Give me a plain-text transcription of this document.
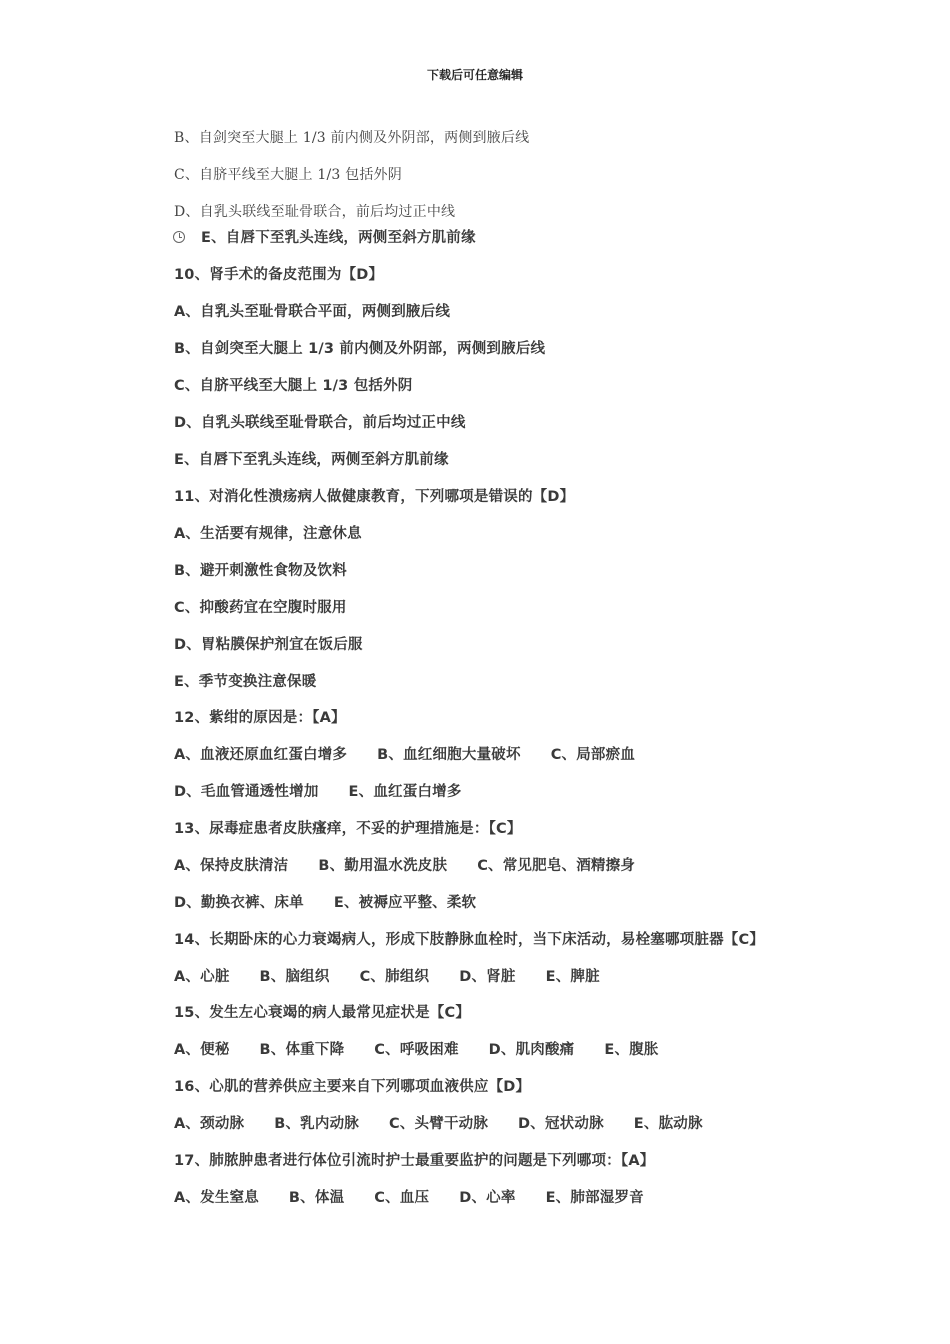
下载后可任意编辑
B、自剑突至大腿上 1/3 前内侧及外阴部，两侧到腋后线
C、自脐平线至大腿上 1/3 包括外阴
D、自乳头联线至耻骨联合，前后均过正中线
E、自唇下至乳头连线，两侧至斜方肌前缘
10、肾手术的备皮范围为【D】
A、自乳头至耻骨联合平面，两侧到腋后线
B、自剑突至大腿上 1/3 前内侧及外阴部，两侧到腋后线
C、自脐平线至大腿上 1/3 包括外阴
D、自乳头联线至耻骨联合，前后均过正中线
E、自唇下至乳头连线，两侧至斜方肌前缘
11、对消化性溃疡病人做健康教育，下列哪项是错误的【D】
A、生活要有规律，注意休息
B、避开刺激性食物及饮料
C、抑酸药宜在空腹时服用
D、胃粘膜保护剂宜在饭后服
E、季节变换注意保暖
12、紫绀的原因是：【A】
A、血液还原血红蛋白增多 B、血红细胞大量破坏 C、局部瘀血
D、毛血管通透性增加 E、血红蛋白增多
13、尿毒症患者皮肤瘙痒，不妥的护理措施是：【C】
A、保持皮肤清洁 B、勤用温水洗皮肤 C、常见肥皂、酒精擦身
D、勤换衣裤、床单 E、被褥应平整、柔软
14、长期卧床的心力衰竭病人，形成下肢静脉血栓时，当下床活动，易栓塞哪项脏器【C】
A、心脏 B、脑组织 C、肺组织 D、肾脏 E、脾脏
15、发生左心衰竭的病人最常见症状是【C】
A、便秘 B、体重下降 C、呼吸困难 D、肌肉酸痛 E、腹胀
16、心肌的营养供应主要来自下列哪项血液供应【D】
A、颈动脉 B、乳内动脉 C、头臂干动脉 D、冠状动脉 E、肱动脉
17、肺脓肿患者进行体位引流时护士最重要监护的问题是下列哪项：【A】
A、发生窒息 B、体温 C、血压 D、心率 E、肺部湿罗音
